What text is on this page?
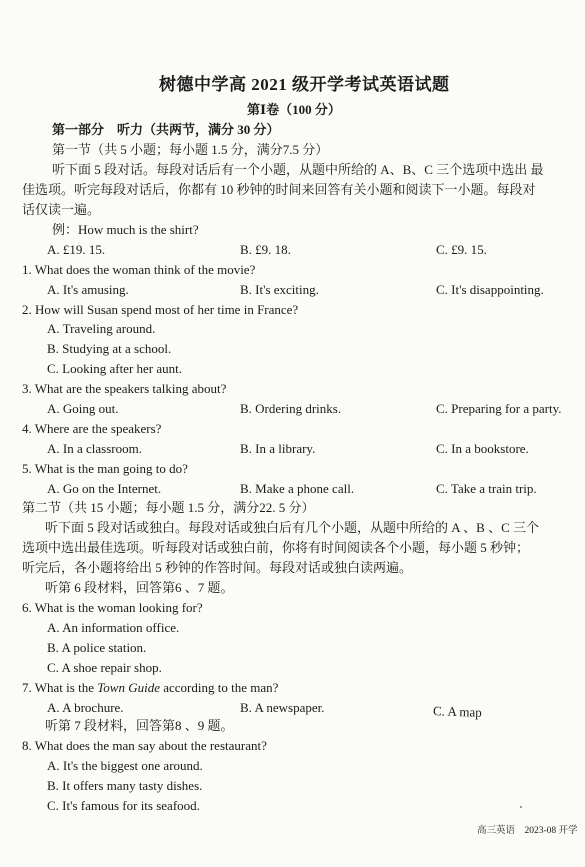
树德中学高 2021 级开学考试英语试题
第Ⅰ卷（100 分）
第一部分　听力（共两节，满分 30 分）
第一节（共 5 小题；每小题 1.5 分，满分7.5 分）
听下面 5 段对话。每段对话后有一个小题，从题中所给的 A、B、C 三个选项中选出 最
佳选项。听完每段对话后，你都有 10 秒钟的时间来回答有关小题和阅读下一小题。每段对
话仅读一遍。
例：How much is the shirt?
A. £19. 15.	B. £9. 18.	C. £9. 15.
1. What does the woman think of the movie?
A. It's amusing.	B. It's exciting.	C. It's disappointing.
2. How will Susan spend most of her time in France?
A. Traveling around.
B. Studying at a school.
C. Looking after her aunt.
3. What are the speakers talking about?
A. Going out.	B. Ordering drinks.	C. Preparing for a party.
4. Where are the speakers?
A. In a classroom.	B. In a library.	C. In a bookstore.
5. What is the man going to do?
A. Go on the Internet.	B. Make a phone call.	C. Take a train trip.
第二节（共 15 小题；每小题 1.5 分，满分22. 5 分）
听下面 5 段对话或独白。每段对话或独白后有几个小题，从题中所给的 A 、B 、C 三个
选项中选出最佳选项。听每段对话或独白前，你将有时间阅读各个小题，每小题 5 秒钟；
听完后，各小题将给出 5 秒钟的作答时间。每段对话或独白读两遍。
听第 6 段材料，回答第6 、7 题。
6. What is the woman looking for?
A. An information office.
B. A police station.
C. A shoe repair shop.
7. What is the Town Guide according to the man?
A. A brochure.	B. A newspaper.	C. A map
听第 7 段材料，回答第8 、9 题。
8. What does the man say about the restaurant?
A. It's the biggest one around.
B. It offers many tasty dishes.
C. It's famous for its seafood.
高三英语　2023-08 开学
